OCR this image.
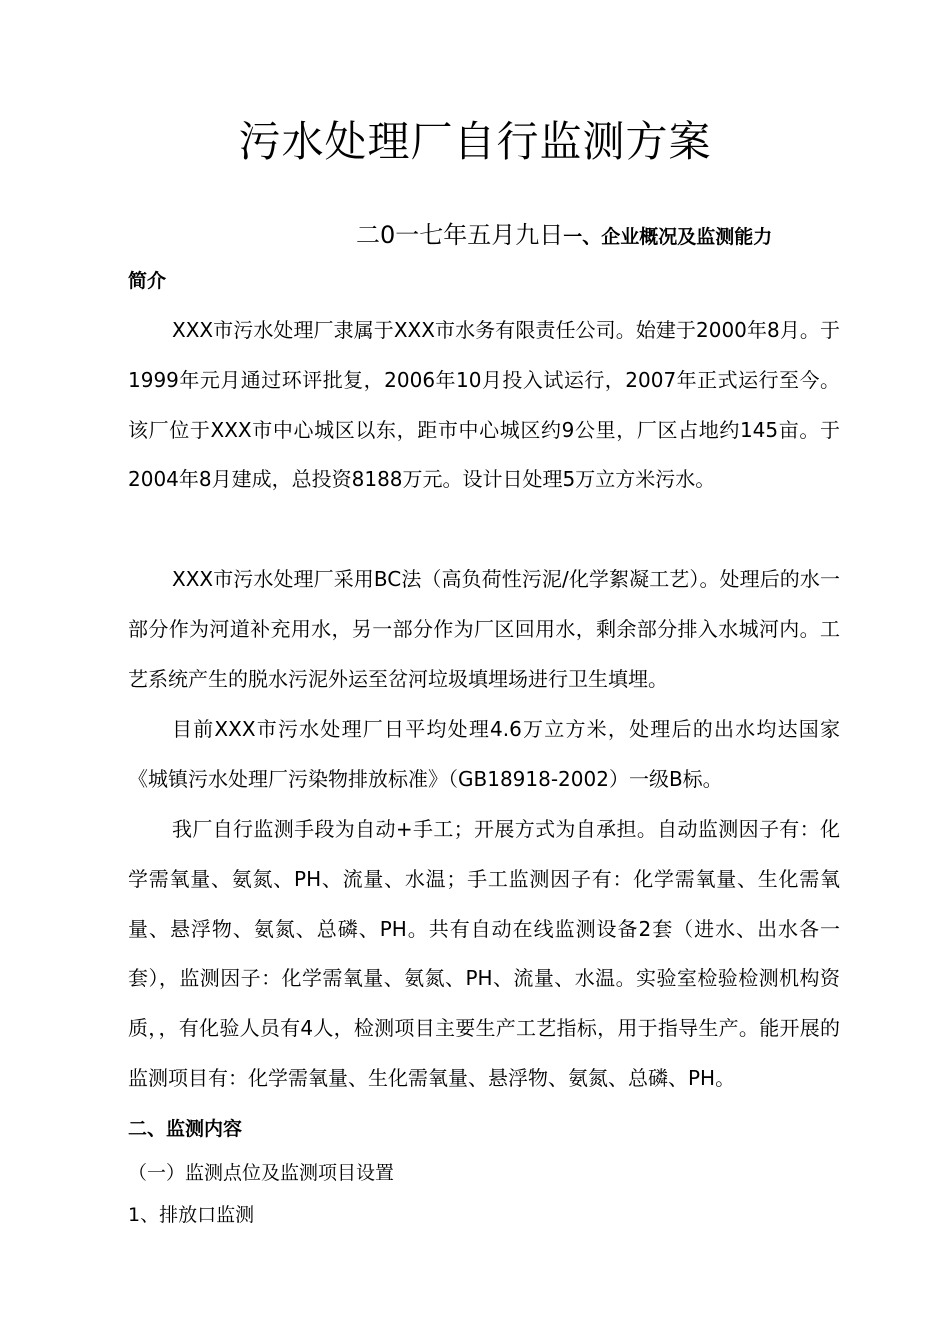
污水处理厂自行监测方案
二0一七年五月九日一、企业概况及监测能力
简介

XXX市污水处理厂隶属于XXX市水务有限责任公司。始建于2000年8月。于1999年元月通过环评批复，2006年10月投入试运行，2007年正式运行至今。该厂位于XXX市中心城区以东，距市中心城区约9公里，厂区占地约145亩。于2004年8月建成，总投资8188万元。设计日处理5万立方米污水。

XXX市污水处理厂采用BC法（高负荷性污泥/化学絮凝工艺）。处理后的水一部分作为河道补充用水，另一部分作为厂区回用水，剩余部分排入水城河内。工艺系统产生的脱水污泥外运至岔河垃圾填埋场进行卫生填埋。

目前XXX市污水处理厂日平均处理4.6万立方米，处理后的出水均达国家《城镇污水处理厂污染物排放标准》（GB18918-2002）一级B标。

我厂自行监测手段为自动+手工；开展方式为自承担。自动监测因子有：化学需氧量、氨氮、PH、流量、水温；手工监测因子有：化学需氧量、生化需氧量、悬浮物、氨氮、总磷、PH。共有自动在线监测设备2套（进水、出水各一套），监测因子：化学需氧量、氨氮、PH、流量、水温。实验室检验检测机构资质，，有化验人员有4人，检测项目主要生产工艺指标，用于指导生产。能开展的监测项目有：化学需氧量、生化需氧量、悬浮物、氨氮、总磷、PH。

二、监测内容
（一）监测点位及监测项目设置
1、排放口监测
